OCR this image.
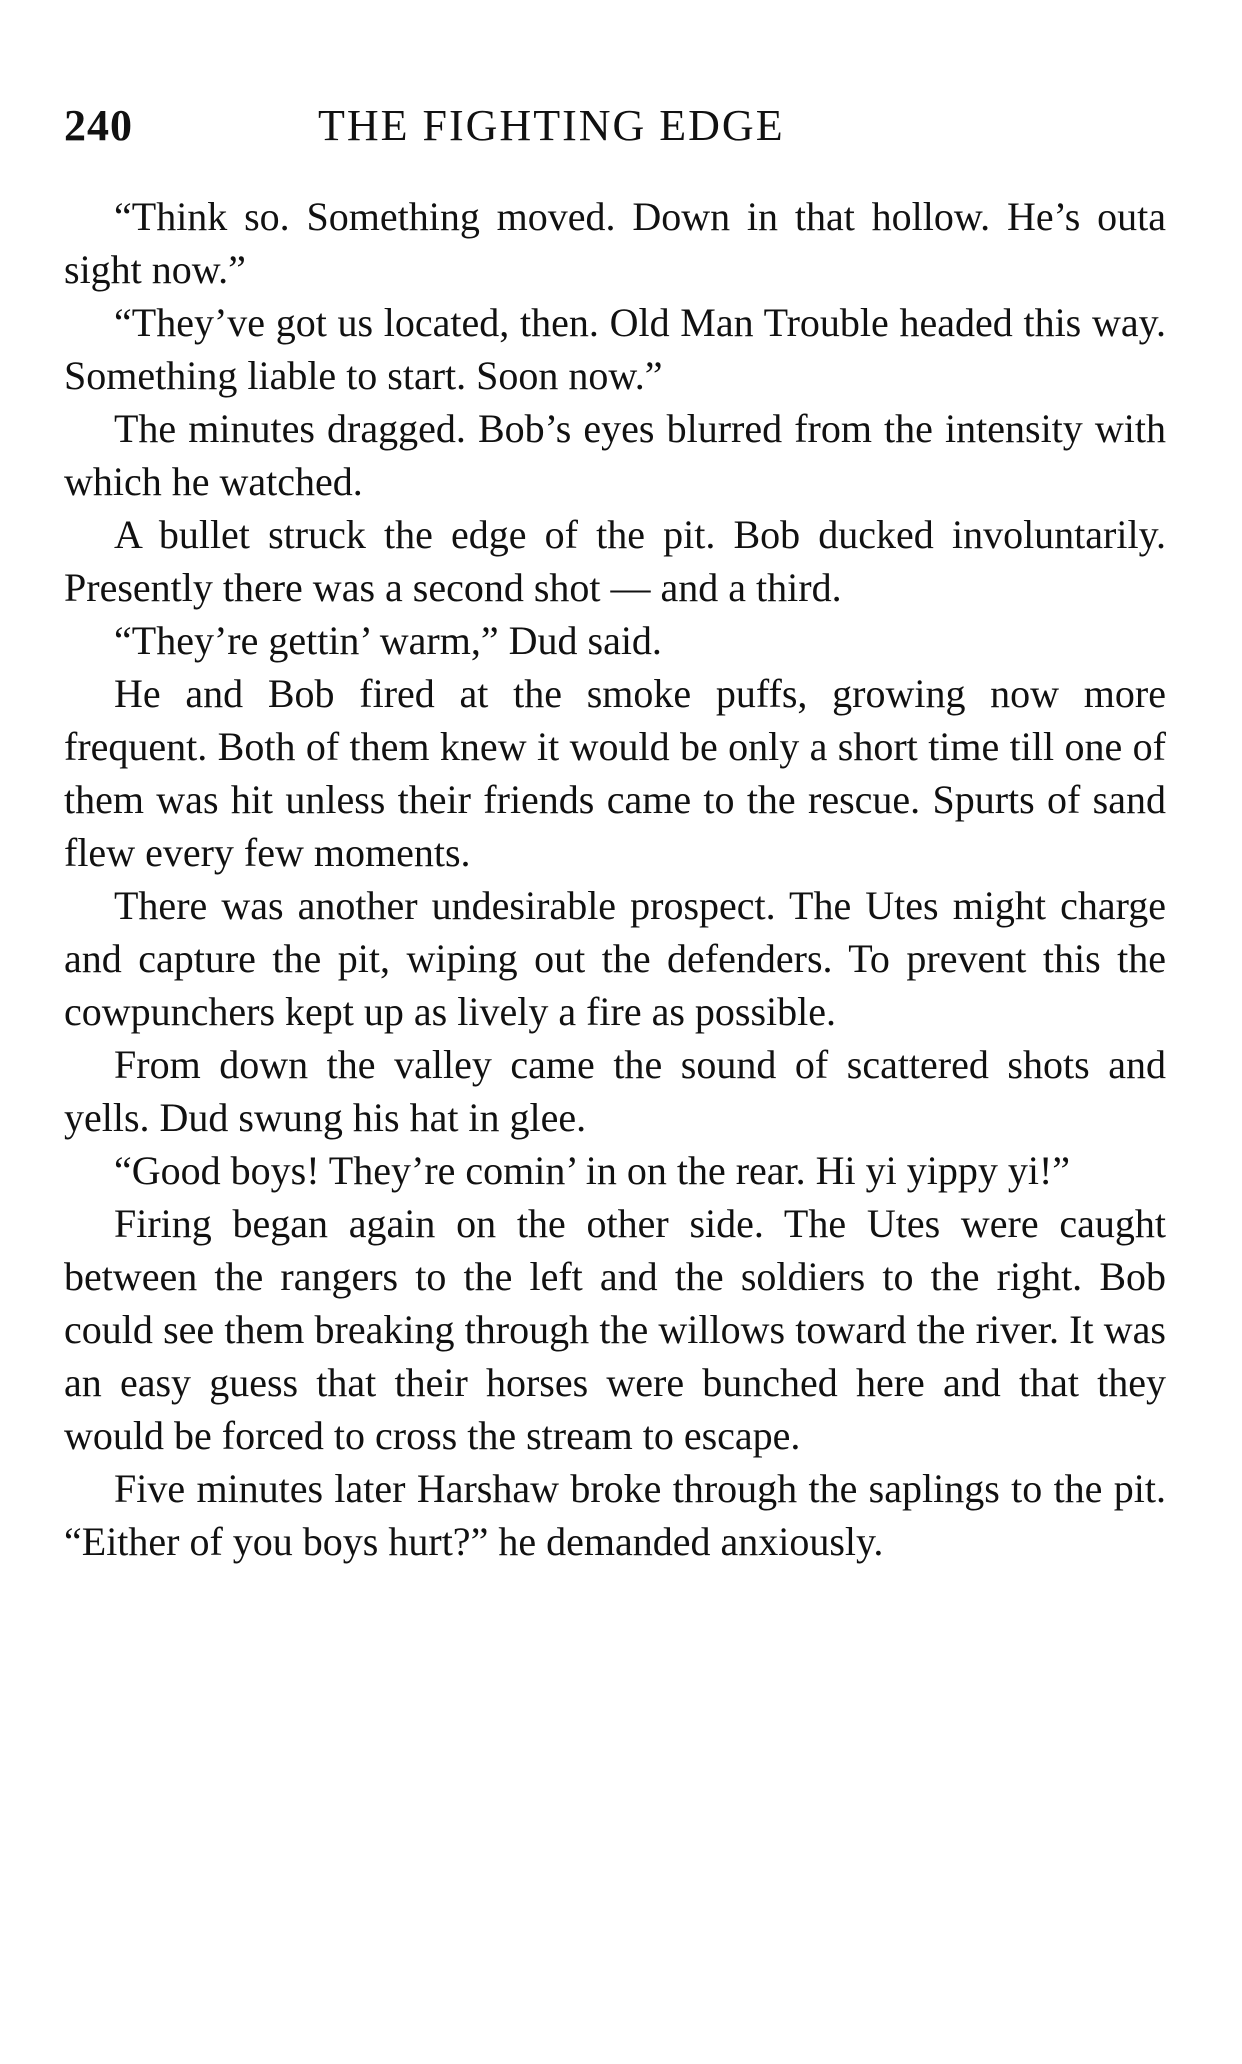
240	THE FIGHTING EDGE

“Think so. Something moved. Down in that hollow. He’s outa sight now.”

“They’ve got us located, then. Old Man Trouble headed this way. Something liable to start. Soon now.”

The minutes dragged. Bob’s eyes blurred from the intensity with which he watched.

A bullet struck the edge of the pit. Bob ducked involuntarily. Presently there was a second shot — and a third.

“They’re gettin’ warm,” Dud said.

He and Bob fired at the smoke puffs, growing now more frequent. Both of them knew it would be only a short time till one of them was hit unless their friends came to the rescue. Spurts of sand flew every few moments.

There was another undesirable prospect. The Utes might charge and capture the pit, wiping out the defenders. To prevent this the cowpunchers kept up as lively a fire as possible.

From down the valley came the sound of scattered shots and yells. Dud swung his hat in glee.

“Good boys! They’re comin’ in on the rear. Hi yi yippy yi!”

Firing began again on the other side. The Utes were caught between the rangers to the left and the soldiers to the right. Bob could see them breaking through the willows toward the river. It was an easy guess that their horses were bunched here and that they would be forced to cross the stream to escape.

Five minutes later Harshaw broke through the saplings to the pit. “Either of you boys hurt?” he demanded anxiously.
